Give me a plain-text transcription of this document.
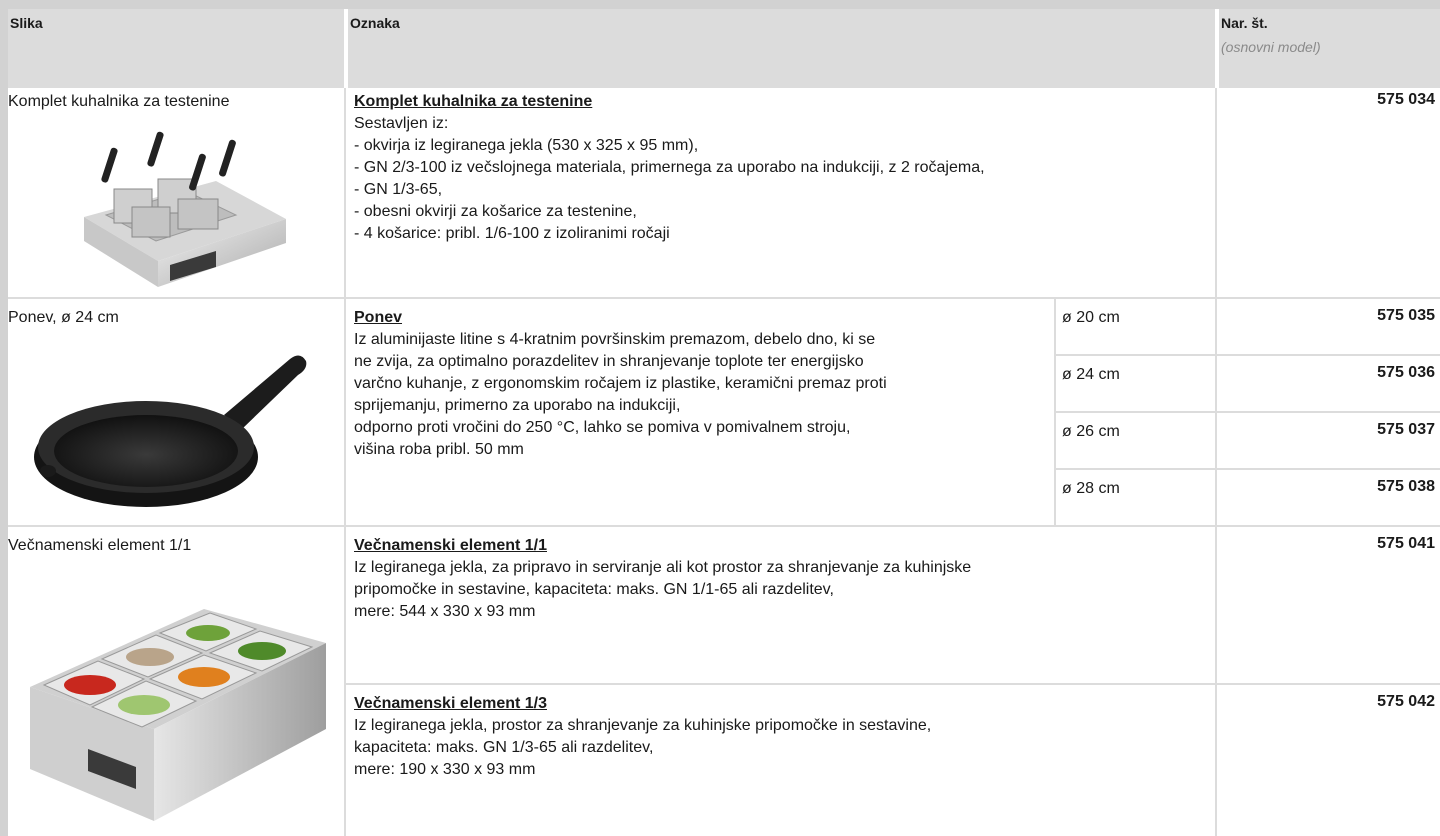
Slika	Oznaka	Nar. št.
(osnovni model)
Komplet kuhalnika za testenine	Komplet kuhalnika za testenine
Sestavljen iz:
- okvirja iz legiranega jekla (530 x 325 x 95 mm),
- GN 2/3-100 iz večslojnega materiala, primernega za uporabo na indukciji, z 2 ročajema,
- GN 1/3-65,
- obesni okvirji za košarice za testenine,
- 4 košarice: pribl. 1/6-100 z izoliranimi ročaji
575 034
Ponev, ø 24 cm	Ponev
Iz aluminijaste litine s 4-kratnim površinskim premazom, debelo dno, ki se
ne zvija, za optimalno porazdelitev in shranjevanje toplote ter energijsko
varčno kuhanje, z ergonomskim ročajem iz plastike, keramični premaz proti
sprijemanju, primerno za uporabo na indukciji,
odporno proti vročini do 250 °C, lahko se pomiva v pomivalnem stroju,
višina roba pribl. 50 mm
ø 20 cm	575 035
ø 24 cm	575 036
ø 26 cm	575 037
ø 28 cm	575 038
Večnamenski element 1/1	Večnamenski element 1/1
Iz legiranega jekla, za pripravo in serviranje ali kot prostor za shranjevanje za kuhinjske
pripomočke in sestavine, kapaciteta: maks. GN 1/1-65 ali razdelitev,
mere: 544 x 330 x 93 mm
575 041
Večnamenski element 1/3
Iz legiranega jekla, prostor za shranjevanje za kuhinjske pripomočke in sestavine,
kapaciteta: maks. GN 1/3-65 ali razdelitev,
mere: 190 x 330 x 93 mm
575 042
